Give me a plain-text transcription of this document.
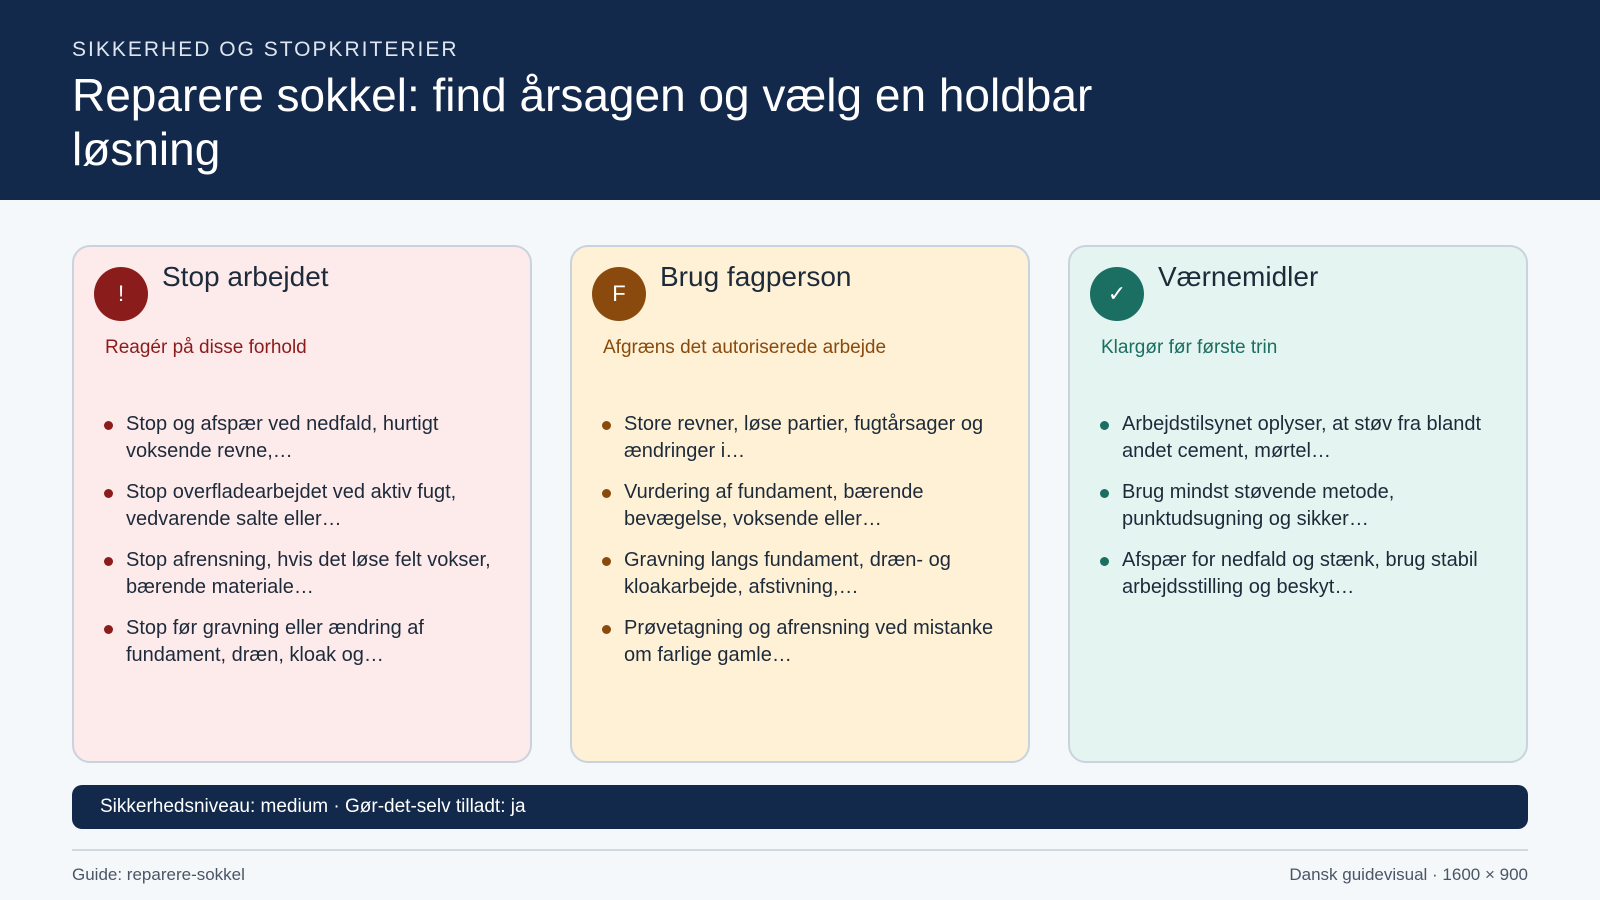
SIKKERHED OG STOPKRITERIER
Reparere sokkel: find årsagen og vælg en holdbar løsning
!
Stop arbejdet
Reagér på disse forhold
Stop og afspær ved nedfald, hurtigt voksende revne,…
Stop overfladearbejdet ved aktiv fugt, vedvarende salte eller…
Stop afrensning, hvis det løse felt vokser, bærende materiale…
Stop før gravning eller ændring af fundament, dræn, kloak og…
F
Brug fagperson
Afgræns det autoriserede arbejde
Store revner, løse partier, fugtårsager og ændringer i…
Vurdering af fundament, bærende bevægelse, voksende eller…
Gravning langs fundament, dræn- og kloakarbejde, afstivning,…
Prøvetagning og afrensning ved mistanke om farlige gamle…
✓
Værnemidler
Klargør før første trin
Arbejdstilsynet oplyser, at støv fra blandt andet cement, mørtel…
Brug mindst støvende metode, punktudsugning og sikker…
Afspær for nedfald og stænk, brug stabil arbejdsstilling og beskyt…
Sikkerhedsniveau: medium · Gør-det-selv tilladt: ja
Guide: reparere-sokkel	Dansk guidevisual · 1600 × 900
